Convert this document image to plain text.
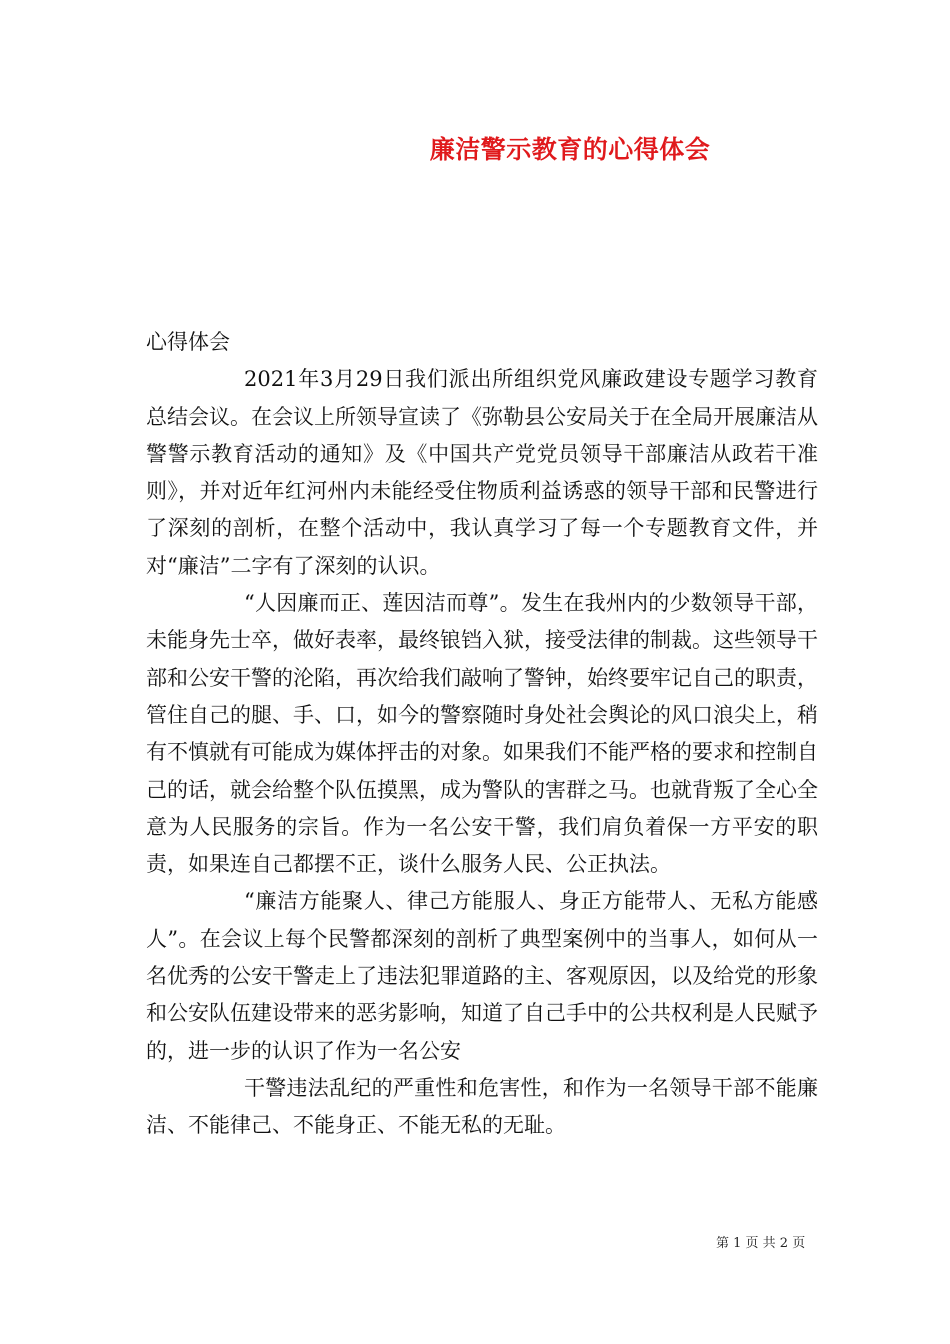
廉洁警示教育的心得体会

心得体会

2021年3月29日我们派出所组织党风廉政建设专题学习教育总结会议。在会议上所领导宣读了《弥勒县公安局关于在全局开展廉洁从警警示教育活动的通知》及《中国共产党党员领导干部廉洁从政若干准则》，并对近年红河州内未能经受住物质利益诱惑的领导干部和民警进行了深刻的剖析，在整个活动中，我认真学习了每一个专题教育文件，并对“廉洁”二字有了深刻的认识。

“人因廉而正、莲因洁而尊”。发生在我州内的少数领导干部，未能身先士卒，做好表率，最终锒铛入狱，接受法律的制裁。这些领导干部和公安干警的沦陷，再次给我们敲响了警钟，始终要牢记自己的职责，管住自己的腿、手、口，如今的警察随时身处社会舆论的风口浪尖上，稍有不慎就有可能成为媒体抨击的对象。如果我们不能严格的要求和控制自己的话，就会给整个队伍摸黑，成为警队的害群之马。也就背叛了全心全意为人民服务的宗旨。作为一名公安干警，我们肩负着保一方平安的职责，如果连自己都摆不正，谈什么服务人民、公正执法。

“廉洁方能聚人、律己方能服人、身正方能带人、无私方能感人”。在会议上每个民警都深刻的剖析了典型案例中的当事人，如何从一名优秀的公安干警走上了违法犯罪道路的主、客观原因，以及给党的形象和公安队伍建设带来的恶劣影响，知道了自己手中的公共权利是人民赋予的，进一步的认识了作为一名公安

干警违法乱纪的严重性和危害性，和作为一名领导干部不能廉洁、不能律己、不能身正、不能无私的无耻。

第 1 页 共 2 页
